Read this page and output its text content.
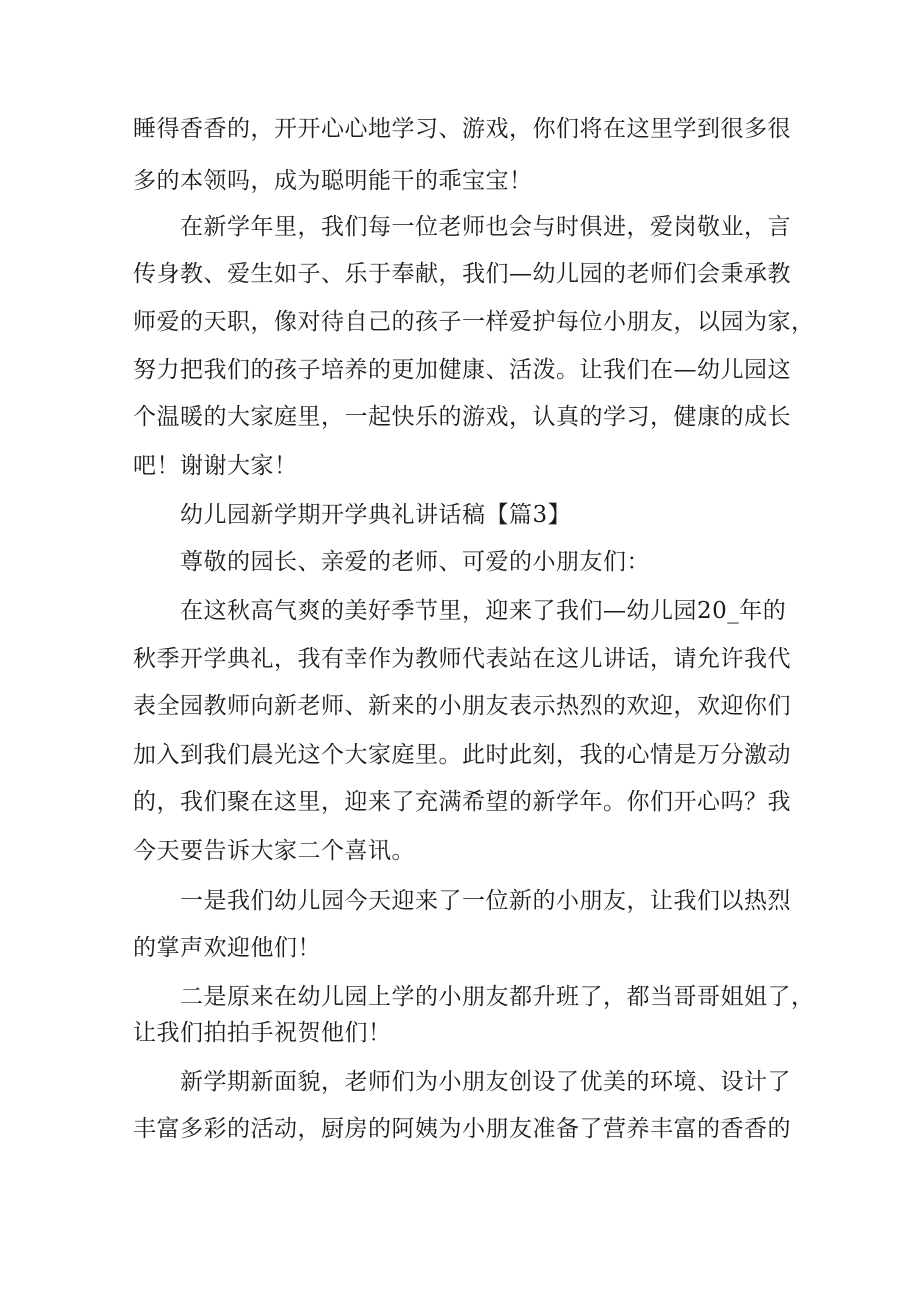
睡得香香的，开开心心地学习、游戏，你们将在这里学到很多很
多的本领吗，成为聪明能干的乖宝宝！
在新学年里，我们每一位老师也会与时俱进，爱岗敬业，言
传身教、爱生如子、乐于奉献，我们—幼儿园的老师们会秉承教
师爱的天职，像对待自己的孩子一样爱护每位小朋友，以园为家，
努力把我们的孩子培养的更加健康、活泼。让我们在—幼儿园这
个温暖的大家庭里，一起快乐的游戏，认真的学习，健康的成长
吧！谢谢大家！
幼儿园新学期开学典礼讲话稿【篇3】
尊敬的园长、亲爱的老师、可爱的小朋友们：
在这秋高气爽的美好季节里，迎来了我们—幼儿园20_年的
秋季开学典礼，我有幸作为教师代表站在这儿讲话，请允许我代
表全园教师向新老师、新来的小朋友表示热烈的欢迎，欢迎你们
加入到我们晨光这个大家庭里。此时此刻，我的心情是万分激动
的，我们聚在这里，迎来了充满希望的新学年。你们开心吗？我
今天要告诉大家二个喜讯。
一是我们幼儿园今天迎来了一位新的小朋友，让我们以热烈
的掌声欢迎他们！
二是原来在幼儿园上学的小朋友都升班了，都当哥哥姐姐了，
让我们拍拍手祝贺他们！
新学期新面貌，老师们为小朋友创设了优美的环境、设计了
丰富多彩的活动，厨房的阿姨为小朋友准备了营养丰富的香香的
